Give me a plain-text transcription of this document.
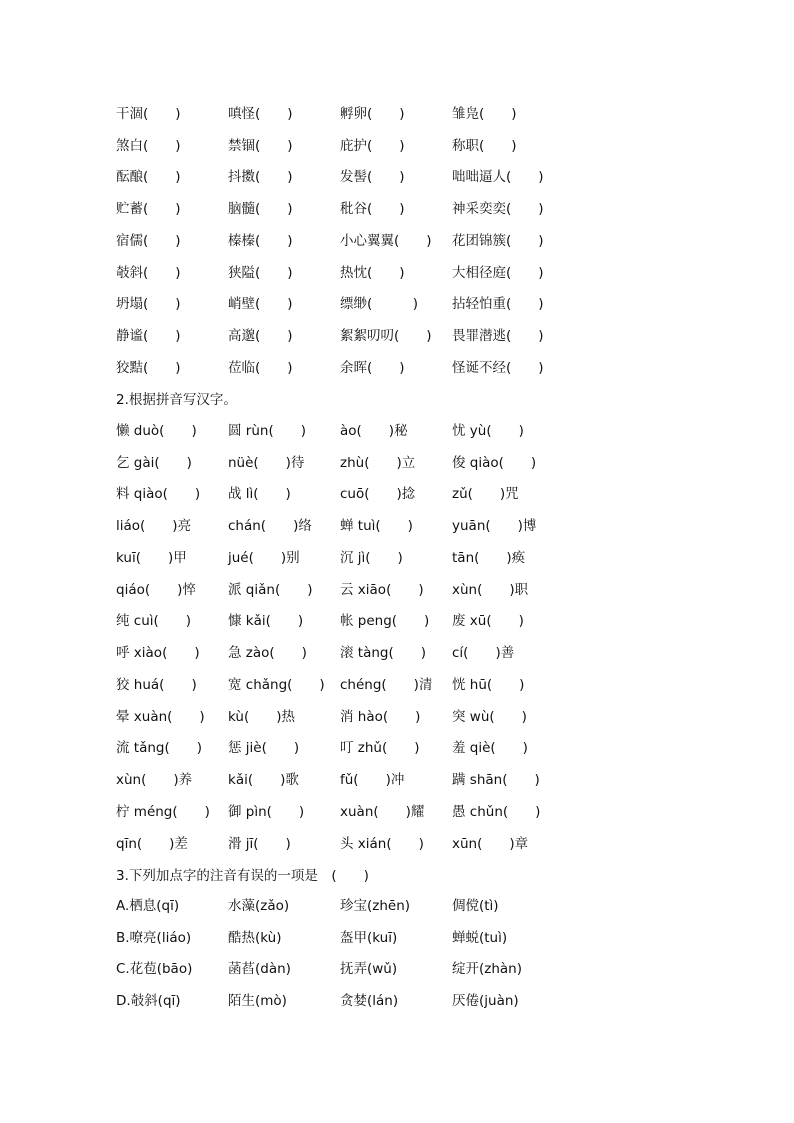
干涸(　　)	嗔怪(　　)	孵卵(　　)	雏凫(　　)
煞白(　　)	禁锢(　　)	庇护(　　)	称职(　　)
酝酿(　　)	抖擞(　　)	发髻(　　)	咄咄逼人(　　)
贮蓄(　　)	脑髓(　　)	秕谷(　　)	神采奕奕(　　)
宿儒(　　)	榛榛(　　)	小心翼翼(　　) 花团锦簇(　　)
攲斜(　　)	狭隘(　　)	热忱(　　)	大相径庭(　　)
坍塌(　　)	峭壁(　　)	缥缈(　　　)	拈轻怕重(　　)
静谧(　　)	高邈(　　)	絮絮叨叨(　　) 畏罪潜逃(　　)
狡黠(　　)	莅临(　　)	余晖(　　)	怪诞不经(　　)
2.根据拼音写汉字。
懒 duò(　　) 圆 rùn(　　)	ào(　　)秘	忧 yù(　　)
乞 gài(　　)	nüè(　　)待	zhù(　　)立	俊 qiào(　　)
料 qiào(　　) 战 lì(　　)	cuō(　　)捻	zǔ(　　)咒
liáo(　　)亮	chán(　　)络 蝉 tuì(　　)	yuān(　　)博
kuī(　　)甲	jué(　　)别	沉 jì(　　)	tān(　　)痪
qiáo(　　)悴 派 qiǎn(　　) 云 xiāo(　　) xùn(　　)职
纯 cuì(　　)	慷 kǎi(　　)	帐 peng(　　) 废 xū(　　)
呼 xiào(　　) 急 zào(　　) 滚 tàng(　　) cí(　　)善
狡 huá(　　) 宽 chǎng(　　) chéng(　　)清 恍 hū(　　)
晕 xuàn(　　) kù(　　)热	消 hào(　　) 突 wù(　　)
流 tǎng(　　) 惩 jiè(　　)	叮 zhǔ(　　) 羞 qiè(　　)
xùn(　　)养	kǎi(　　)歌	fǔ(　　)冲	蹒 shān(　　)
柠 méng(　　) 御 pìn(　　)	xuàn(　　)耀 愚 chǔn(　　)
qīn(　　)差	滑 jī(　　)	头 xián(　　) xūn(　　)章
3.下列加点字的注音有误的一项是　(　　)
A.栖息(qī)	水藻(zǎo)	珍宝(zhēn)	倜傥(tì)
B.嘹亮(liáo)	酷热(kù)	盔甲(kuī)	蝉蜕(tuì)
C.花苞(bāo)	菡萏(dàn)	抚弄(wǔ)	绽开(zhàn)
D.攲斜(qī)	陌生(mò)	贪婪(lán)	厌倦(juàn)
